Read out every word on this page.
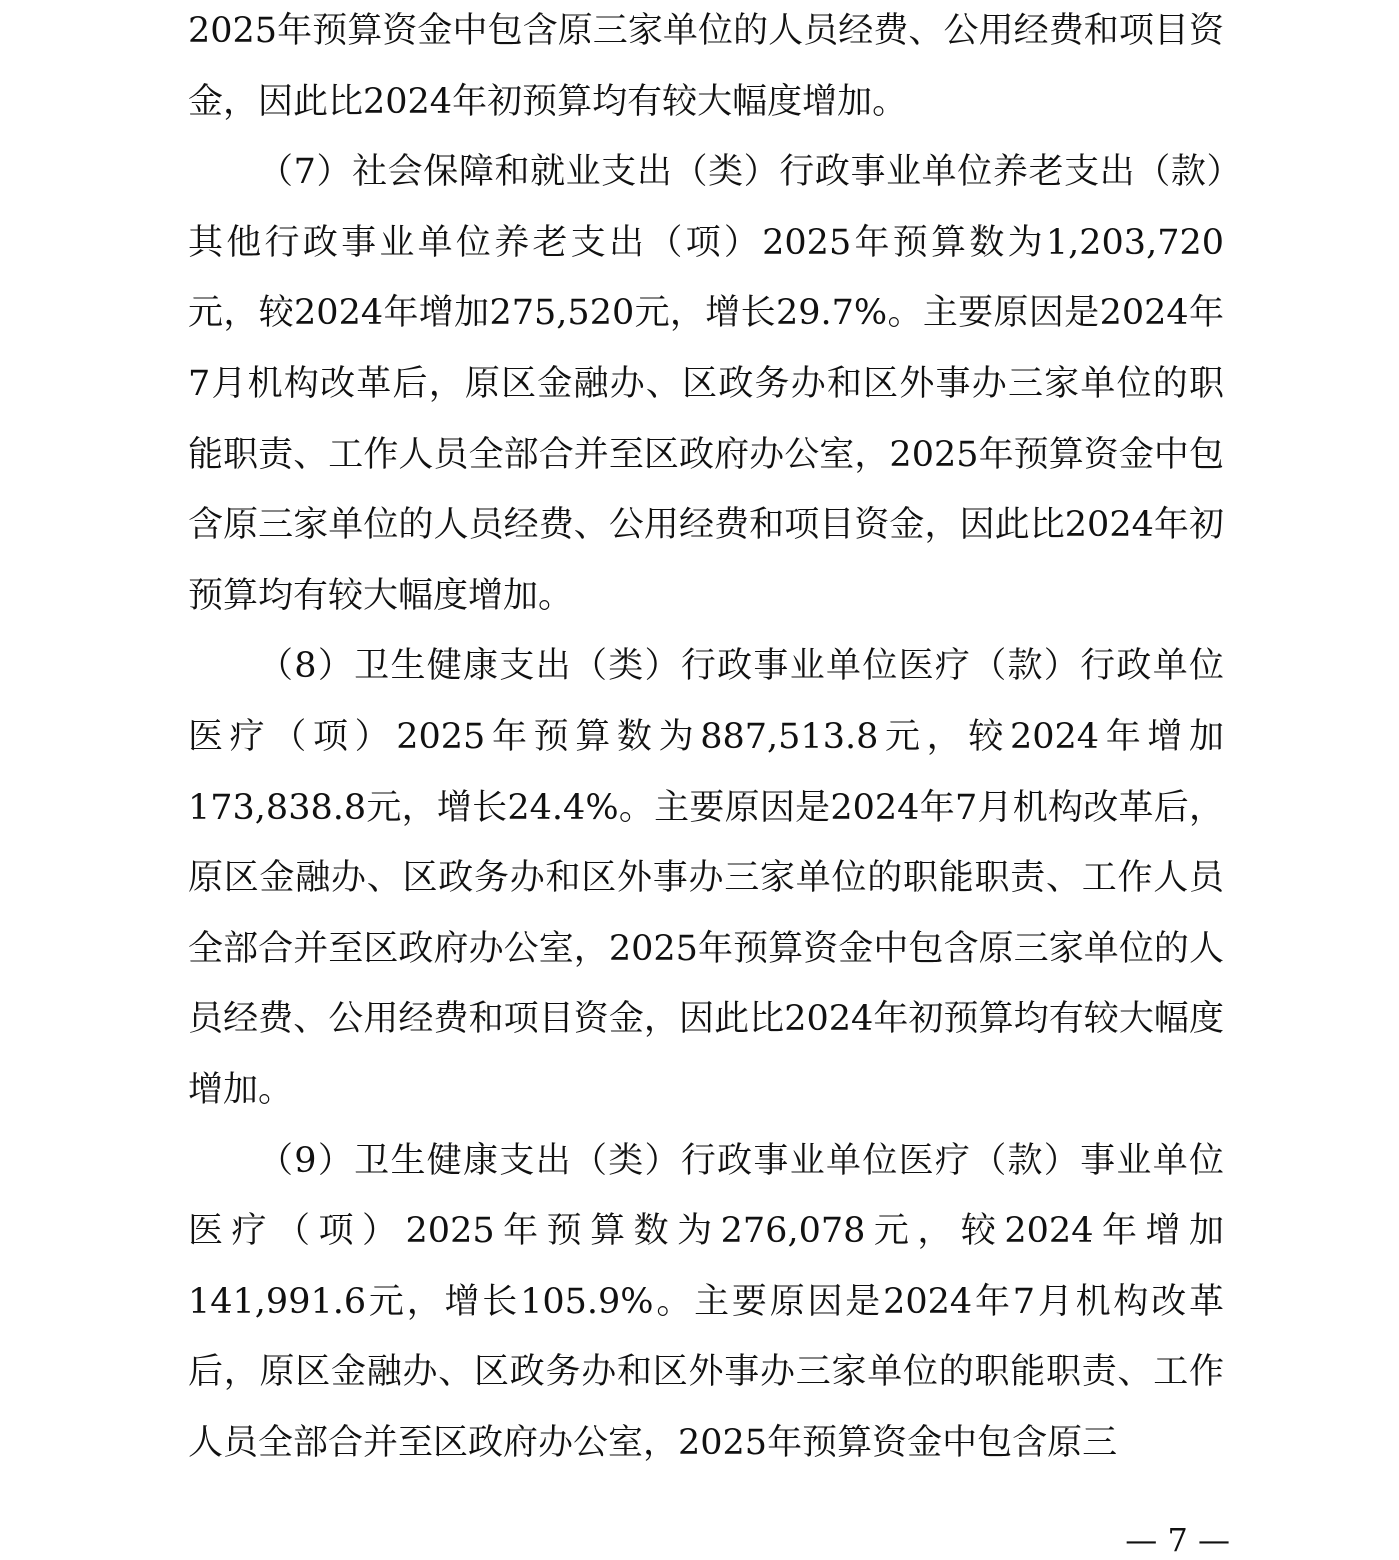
2025年预算资金中包含原三家单位的人员经费、公用经费和项目资金，因此比2024年初预算均有较大幅度增加。

（7）社会保障和就业支出（类）行政事业单位养老支出（款）其他行政事业单位养老支出（项）2025年预算数为1,203,720元，较2024年增加275,520元，增长29.7%。主要原因是2024年7月机构改革后，原区金融办、区政务办和区外事办三家单位的职能职责、工作人员全部合并至区政府办公室，2025年预算资金中包含原三家单位的人员经费、公用经费和项目资金，因此比2024年初预算均有较大幅度增加。

（8）卫生健康支出（类）行政事业单位医疗（款）行政单位医疗（项）2025年预算数为887,513.8元，较2024年增加173,838.8元，增长24.4%。主要原因是2024年7月机构改革后，原区金融办、区政务办和区外事办三家单位的职能职责、工作人员全部合并至区政府办公室，2025年预算资金中包含原三家单位的人员经费、公用经费和项目资金，因此比2024年初预算均有较大幅度增加。

（9）卫生健康支出（类）行政事业单位医疗（款）事业单位医疗（项）2025年预算数为276,078元，较2024年增加141,991.6元，增长105.9%。主要原因是2024年7月机构改革后，原区金融办、区政务办和区外事办三家单位的职能职责、工作人员全部合并至区政府办公室，2025年预算资金中包含原三

— 7 —
